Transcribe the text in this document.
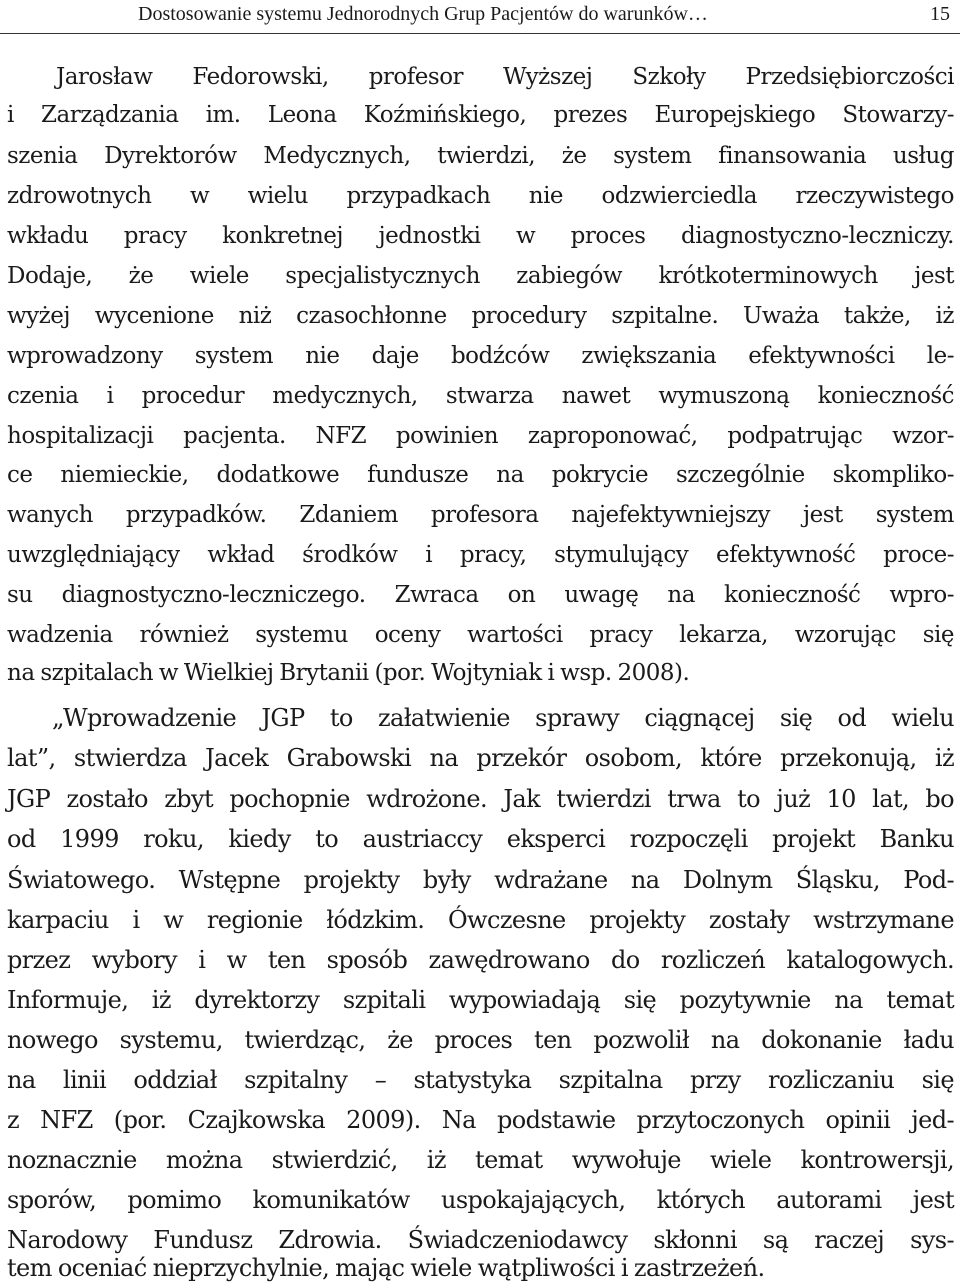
Dostosowanie systemu Jednorodnych Grup Pacjentów do warunków…	15
Jarosław Fedorowski, profesor Wyższej Szkoły Przedsiębiorczości
i Zarządzania im. Leona Koźmińskiego, prezes Europejskiego Stowarzy-
szenia Dyrektorów Medycznych, twierdzi, że system finansowania usług
zdrowotnych w wielu przypadkach nie odzwierciedla rzeczywistego
wkładu pracy konkretnej jednostki w proces diagnostyczno-leczniczy.
Dodaje, że wiele specjalistycznych zabiegów krótkoterminowych jest
wyżej wycenione niż czasochłonne procedury szpitalne. Uważa także, iż
wprowadzony system nie daje bodźców zwiększania efektywności le-
czenia i procedur medycznych, stwarza nawet wymuszoną konieczność
hospitalizacji pacjenta. NFZ powinien zaproponować, podpatrując wzor-
ce niemieckie, dodatkowe fundusze na pokrycie szczególnie skompliko-
wanych przypadków. Zdaniem profesora najefektywniejszy jest system
uwzględniający wkład środków i pracy, stymulujący efektywność proce-
su diagnostyczno-leczniczego. Zwraca on uwagę na konieczność wpro-
wadzenia również systemu oceny wartości pracy lekarza, wzorując się
na szpitalach w Wielkiej Brytanii (por. Wojtyniak i wsp. 2008).
„Wprowadzenie JGP to załatwienie sprawy ciągnącej się od wielu
lat”, stwierdza Jacek Grabowski na przekór osobom, które przekonują, iż
JGP zostało zbyt pochopnie wdrożone. Jak twierdzi trwa to już 10 lat, bo
od 1999 roku, kiedy to austriaccy eksperci rozpoczęli projekt Banku
Światowego. Wstępne projekty były wdrażane na Dolnym Śląsku, Pod-
karpaciu i w regionie łódzkim. Ówczesne projekty zostały wstrzymane
przez wybory i w ten sposób zawędrowano do rozliczeń katalogowych.
Informuje, iż dyrektorzy szpitali wypowiadają się pozytywnie na temat
nowego systemu, twierdząc, że proces ten pozwolił na dokonanie ładu
na linii oddział szpitalny – statystyka szpitalna przy rozliczaniu się
z NFZ (por. Czajkowska 2009). Na podstawie przytoczonych opinii jed-
noznacznie można stwierdzić, iż temat wywołuje wiele kontrowersji,
sporów, pomimo komunikatów uspokajających, których autorami jest
Narodowy Fundusz Zdrowia. Świadczeniodawcy skłonni są raczej sys-
tem oceniać nieprzychylnie, mając wiele wątpliwości i zastrzeżeń.
